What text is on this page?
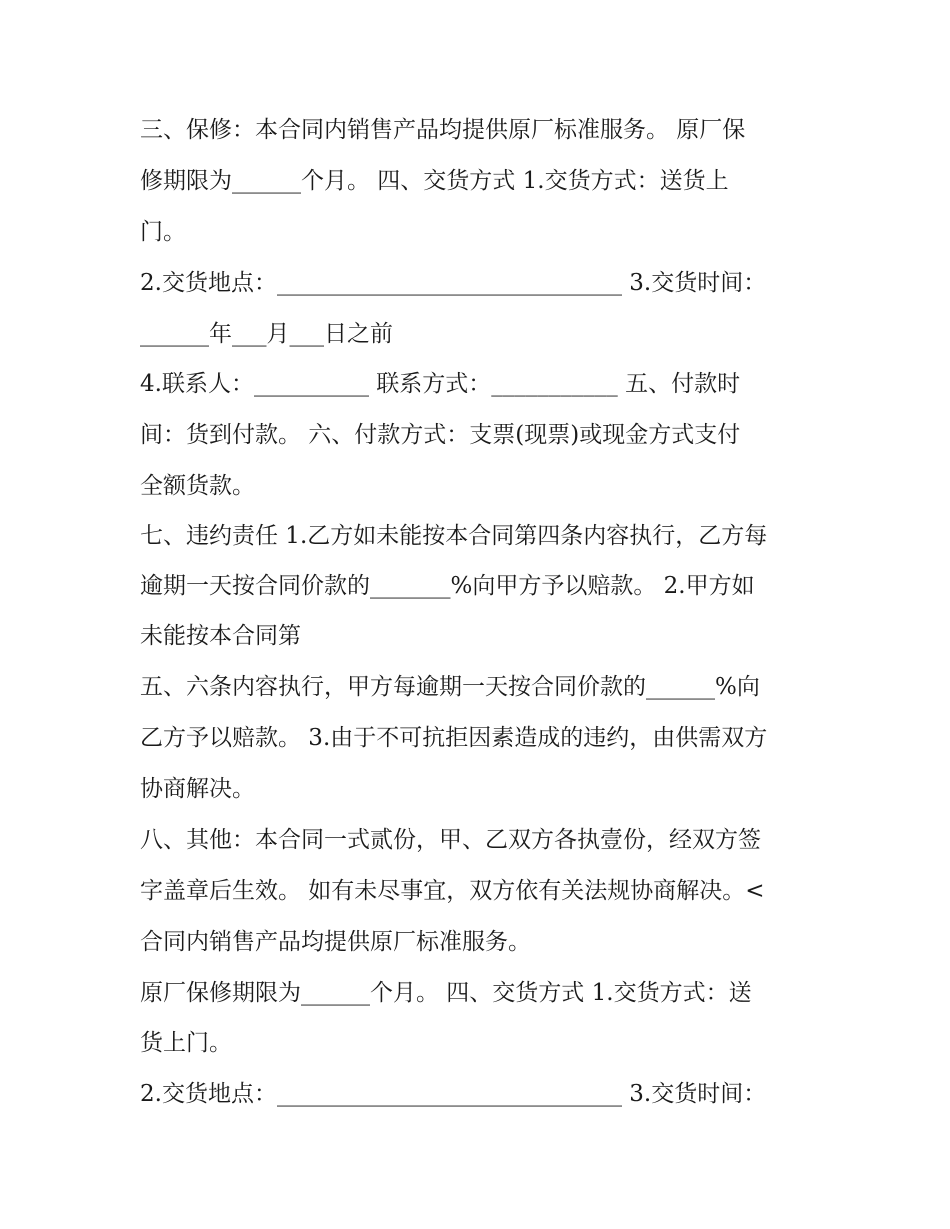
三、保修：本合同内销售产品均提供原厂标准服务。 原厂保
修期限为______个月。 四、交货方式 1.交货方式：送货上
门。
2.交货地点：______________________________ 3.交货时间：
______年___月___日之前
4.联系人：__________ 联系方式：___________ 五、付款时
间：货到付款。 六、付款方式：支票(现票)或现金方式支付
全额货款。
七、违约责任 1.乙方如未能按本合同第四条内容执行，乙方每
逾期一天按合同价款的_______%向甲方予以赔款。 2.甲方如
未能按本合同第
五、六条内容执行，甲方每逾期一天按合同价款的______%向
乙方予以赔款。 3.由于不可抗拒因素造成的违约，由供需双方
协商解决。
八、其他：本合同一式贰份，甲、乙双方各执壹份，经双方签
字盖章后生效。 如有未尽事宜，双方依有关法规协商解决。<
合同内销售产品均提供原厂标准服务。
原厂保修期限为______个月。 四、交货方式 1.交货方式：送
货上门。
2.交货地点：______________________________ 3.交货时间：
